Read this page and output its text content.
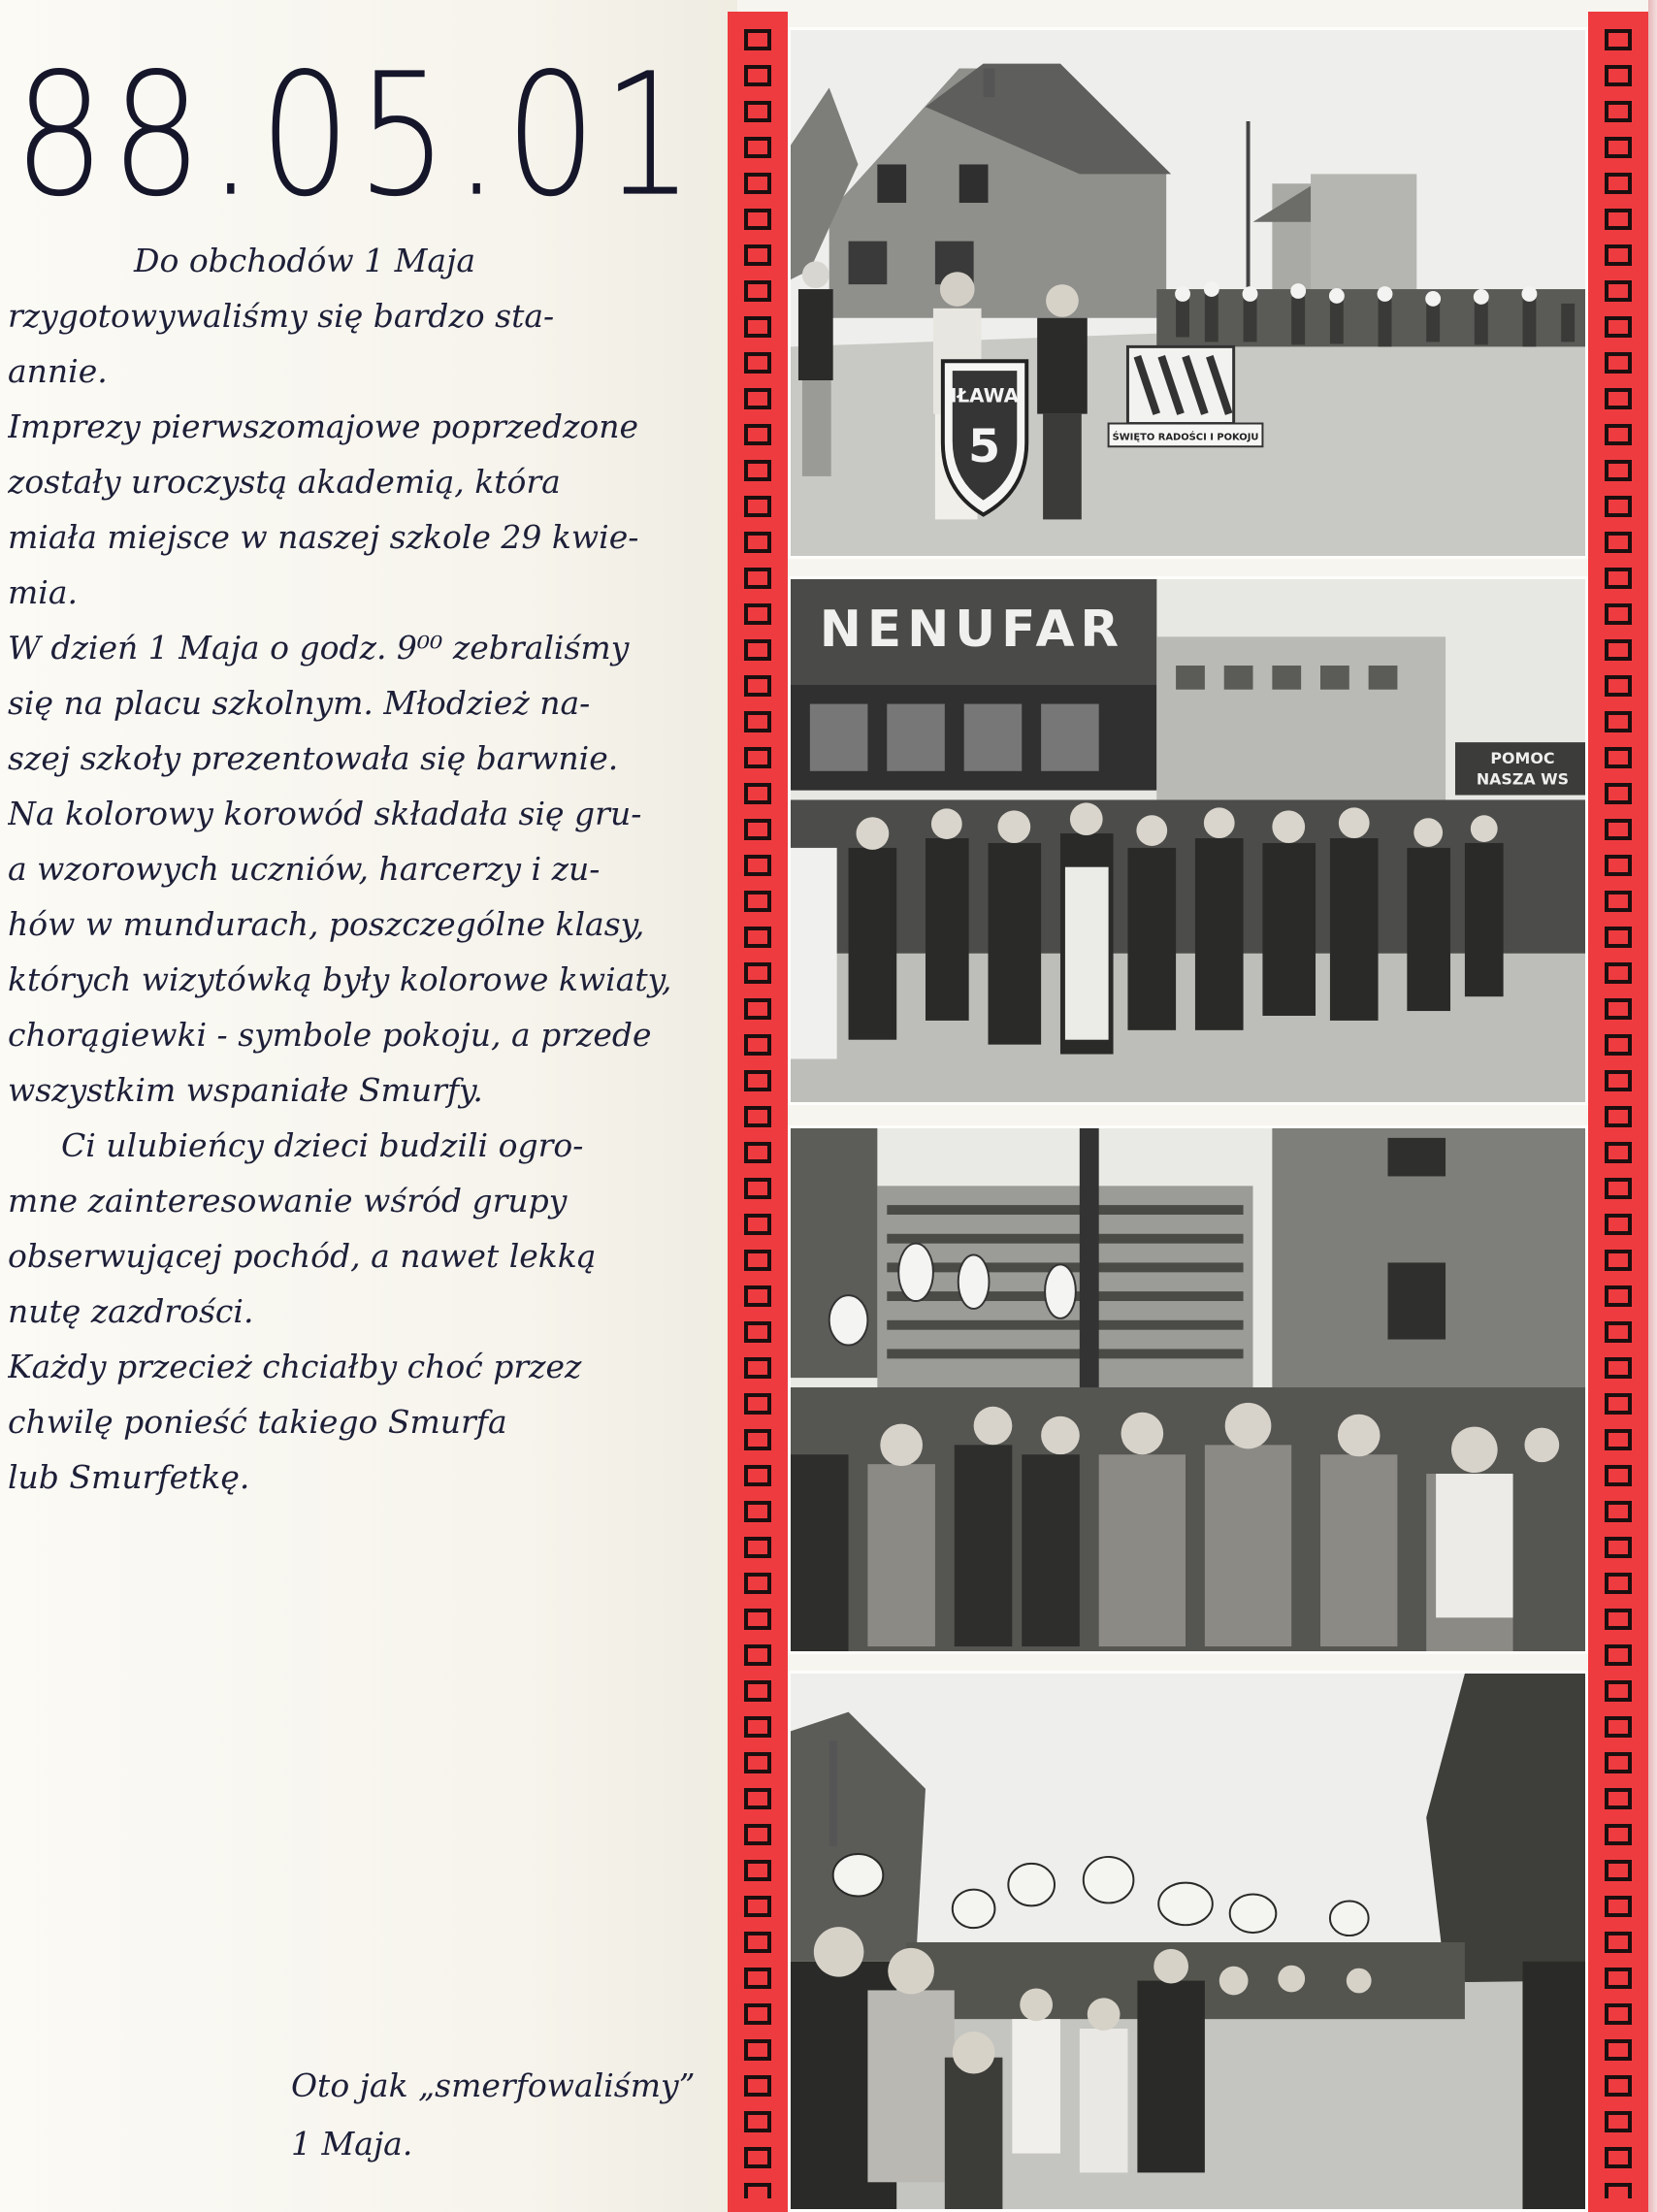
88.05.01
Do obchodów 1 Maja
rzygotowywaliśmy się bardzo sta-
annie.
Imprezy pierwszomajowe poprzedzone
zostały uroczystą akademią, która
miała miejsce w naszej szkole 29 kwie-
mia.
W dzień 1 Maja o godz. 9⁰⁰ zebraliśmy
się na placu szkolnym. Młodzież na-
szej szkoły prezentowała się barwnie.
Na kolorowy korowód składała się gru-
a wzorowych uczniów, harcerzy i zu-
hów w mundurach, poszczególne klasy,
których wizytówką były kolorowe kwiaty,
chorągiewki - symbole pokoju, a przede
wszystkim wspaniałe Smurfy.
Ci ulubieńcy dzieci budzili ogro-
mne zainteresowanie wśród grupy
obserwującej pochód, a nawet lekką
nutę zazdrości.
Każdy przecież chciałby choć przez
chwilę ponieść takiego Smurfa
lub Smurfetkę.
Oto jak „smerfowaliśmy”
1 Maja.
IŁAWA
5	ŚWIĘTO RADOŚCI I POKOJU
NENUFAR
POMOC
NASZA WS
